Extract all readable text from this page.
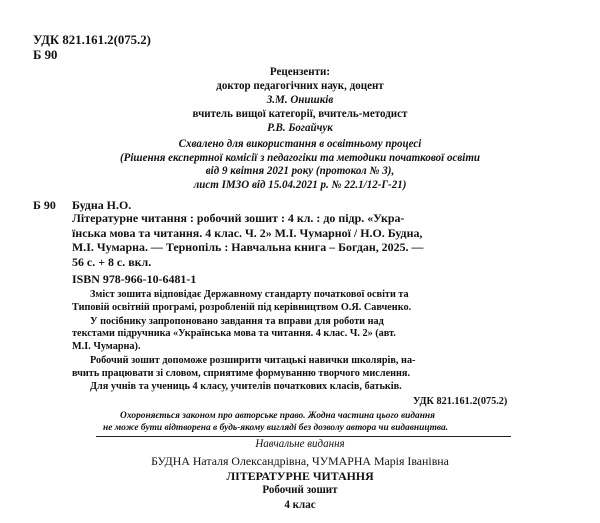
УДК 821.161.2(075.2)
Б 90
Рецензенти:
доктор педагогічних наук, доцент
З.М. Онишків
вчитель вищої категорії, вчитель-методист
Р.В. Богайчук
Схвалено для використання в освітньому процесі
(Рішення експертної комісії з педагогіки та методики початкової освіти
від 9 квітня 2021 року (протокол № 3),
лист ІМЗО від 15.04.2021 р. № 22.1/12-Г-21)
Б 90 Будна Н.О.
Літературне читання : робочий зошит : 4 кл. : до підр. «Укра-
їнська мова та читання. 4 клас. Ч. 2» М.І. Чумарної / Н.О. Будна,
М.І. Чумарна. — Тернопіль : Навчальна книга – Богдан, 2025. —
56 с. + 8 с. вкл.
ISBN 978-966-10-6481-1
Зміст зошита відповідає Державному стандарту початкової освіти та
Типовій освітній програмі, розробленій під керівництвом О.Я. Савченко.
У посібнику запропоновано завдання та вправи для роботи над
текстами підручника «Українська мова та читання. 4 клас. Ч. 2» (авт.
М.І. Чумарна).
Робочий зошит допоможе розширити читацькі навички школярів, на-
вчить працювати зі словом, сприятиме формуванню творчого мислення.
Для учнів та учениць 4 класу, учителів початкових класів, батьків.
УДК 821.161.2(075.2)
Охороняється законом про авторське право. Жодна частина цього видання
не може бути відтворена в будь-якому вигляді без дозволу автора чи видавництва.
Навчальне видання
БУДНА Наталя Олександрівна, ЧУМАРНА Марія Іванівна
ЛІТЕРАТУРНЕ ЧИТАННЯ
Робочий зошит
4 клас
